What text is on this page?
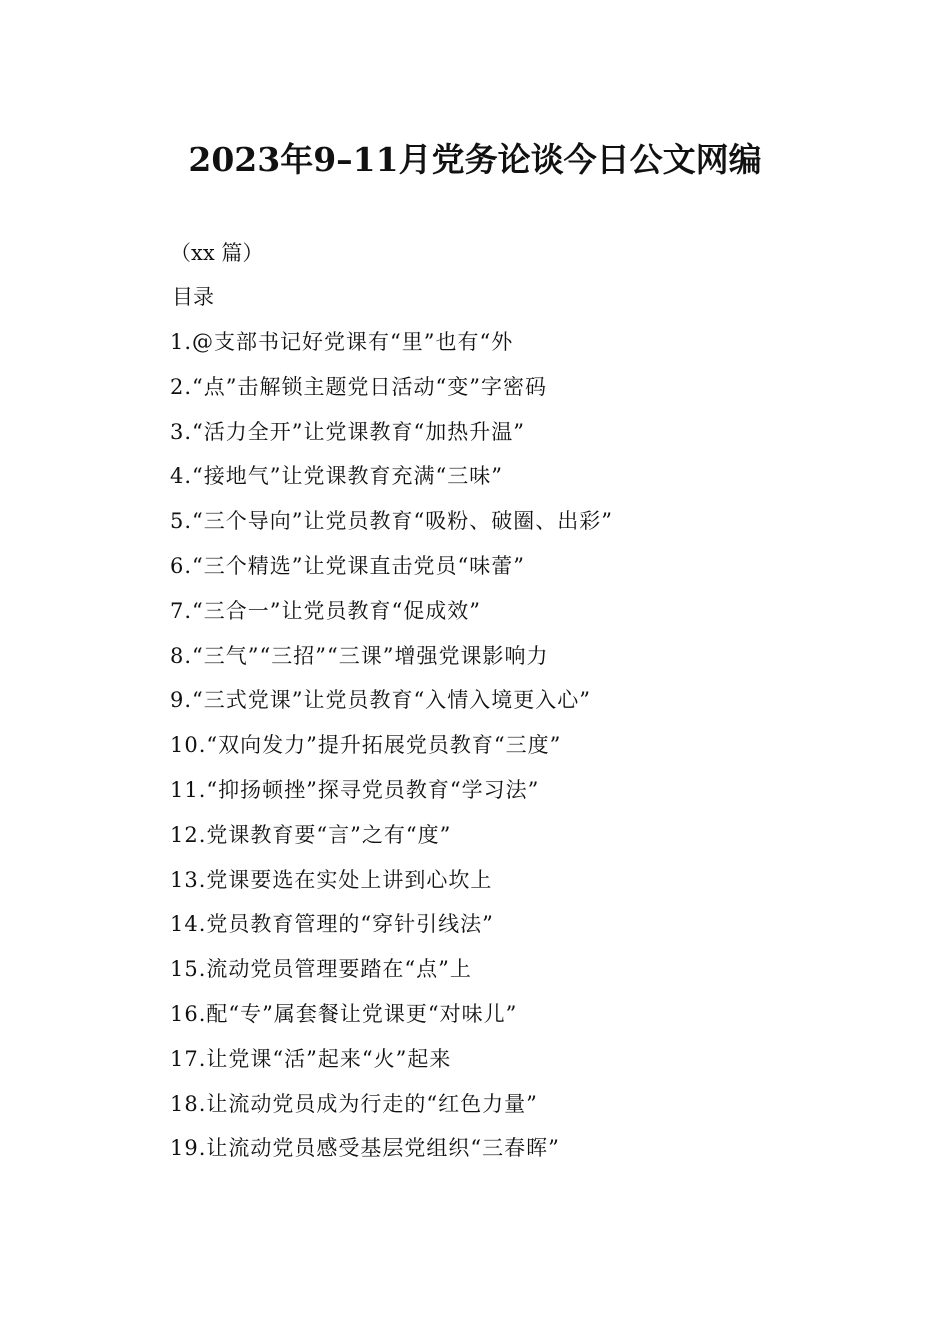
2023年9–11月党务论谈今日公文网编
（xx 篇）
目录
1.@支部书记好党课有“里”也有“外
2.“点”击解锁主题党日活动“变”字密码
3.“活力全开”让党课教育“加热升温”
4.“接地气”让党课教育充满“三味”
5.“三个导向”让党员教育“吸粉、破圈、出彩”
6.“三个精选”让党课直击党员“味蕾”
7.“三合一”让党员教育“促成效”
8.“三气”“三招”“三课”增强党课影响力
9.“三式党课”让党员教育“入情入境更入心”
10.“双向发力”提升拓展党员教育“三度”
11.“抑扬顿挫”探寻党员教育“学习法”
12.党课教育要“言”之有“度”
13.党课要选在实处上讲到心坎上
14.党员教育管理的“穿针引线法”
15.流动党员管理要踏在“点”上
16.配“专”属套餐让党课更“对味儿”
17.让党课“活”起来“火”起来
18.让流动党员成为行走的“红色力量”
19.让流动党员感受基层党组织“三春晖”
